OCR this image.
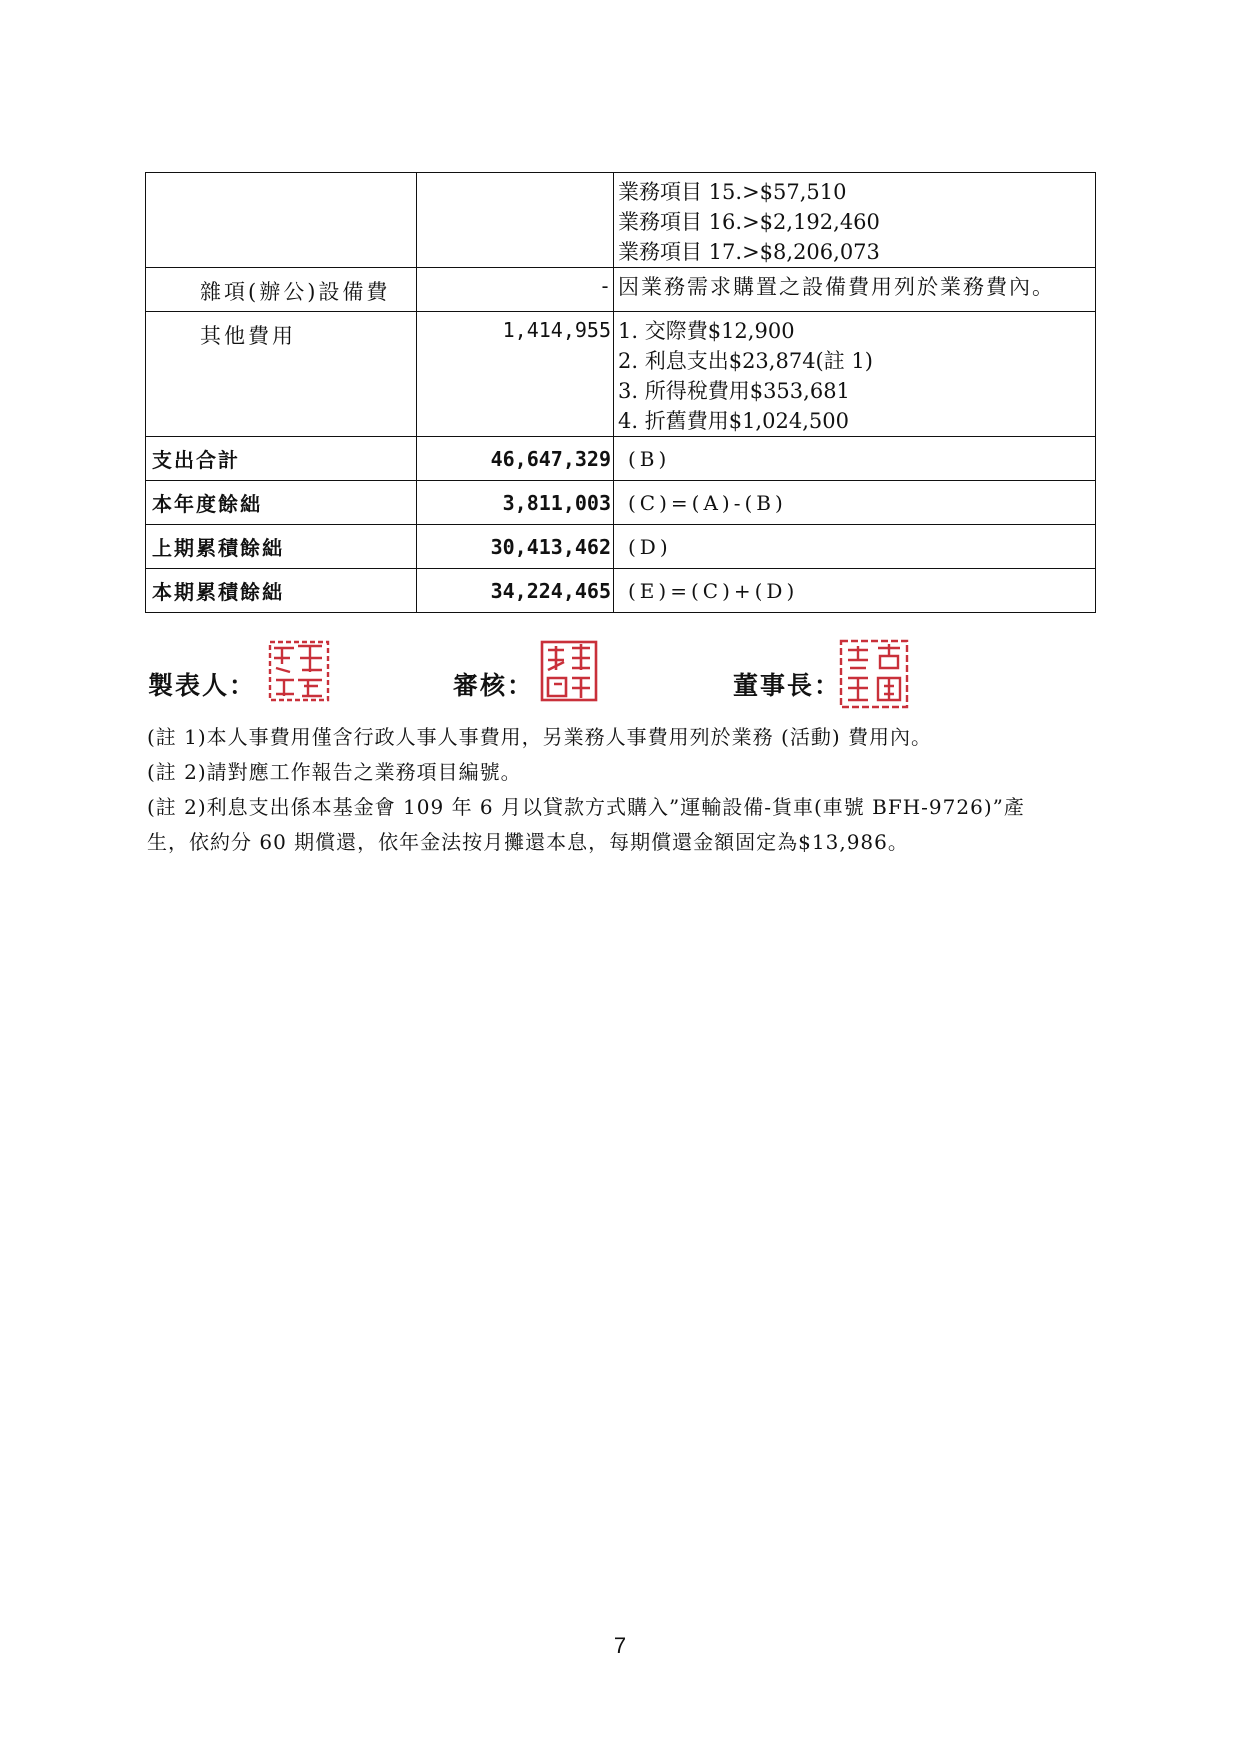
		業務項目 15.>$57,510
業務項目 16.>$2,192,460
業務項目 17.>$8,206,073

雜項(辦公)設備費	-	因業務需求購置之設備費用列於業務費內。
其他費用	1,414,955	1. 交際費$12,900
2. 利息支出$23,874(註 1)
3. 所得稅費用$353,681
4. 折舊費用$1,024,500

支出合計	46,647,329	(B)
本年度餘絀	3,811,003	(C)=(A)-(B)
上期累積餘絀	30,413,462	(D)
本期累積餘絀	34,224,465	(E)=(C)+(D)
製表人：	審核：	董事長：
(註 1)本人事費用僅含行政人事人事費用，另業務人事費用列於業務 (活動) 費用內。
(註 2)請對應工作報告之業務項目編號。
(註 2)利息支出係本基金會 109 年 6 月以貸款方式購入”運輸設備-貨車(車號 BFH-9726)”產
生，依約分 60 期償還，依年金法按月攤還本息，每期償還金額固定為$13,986。
7
